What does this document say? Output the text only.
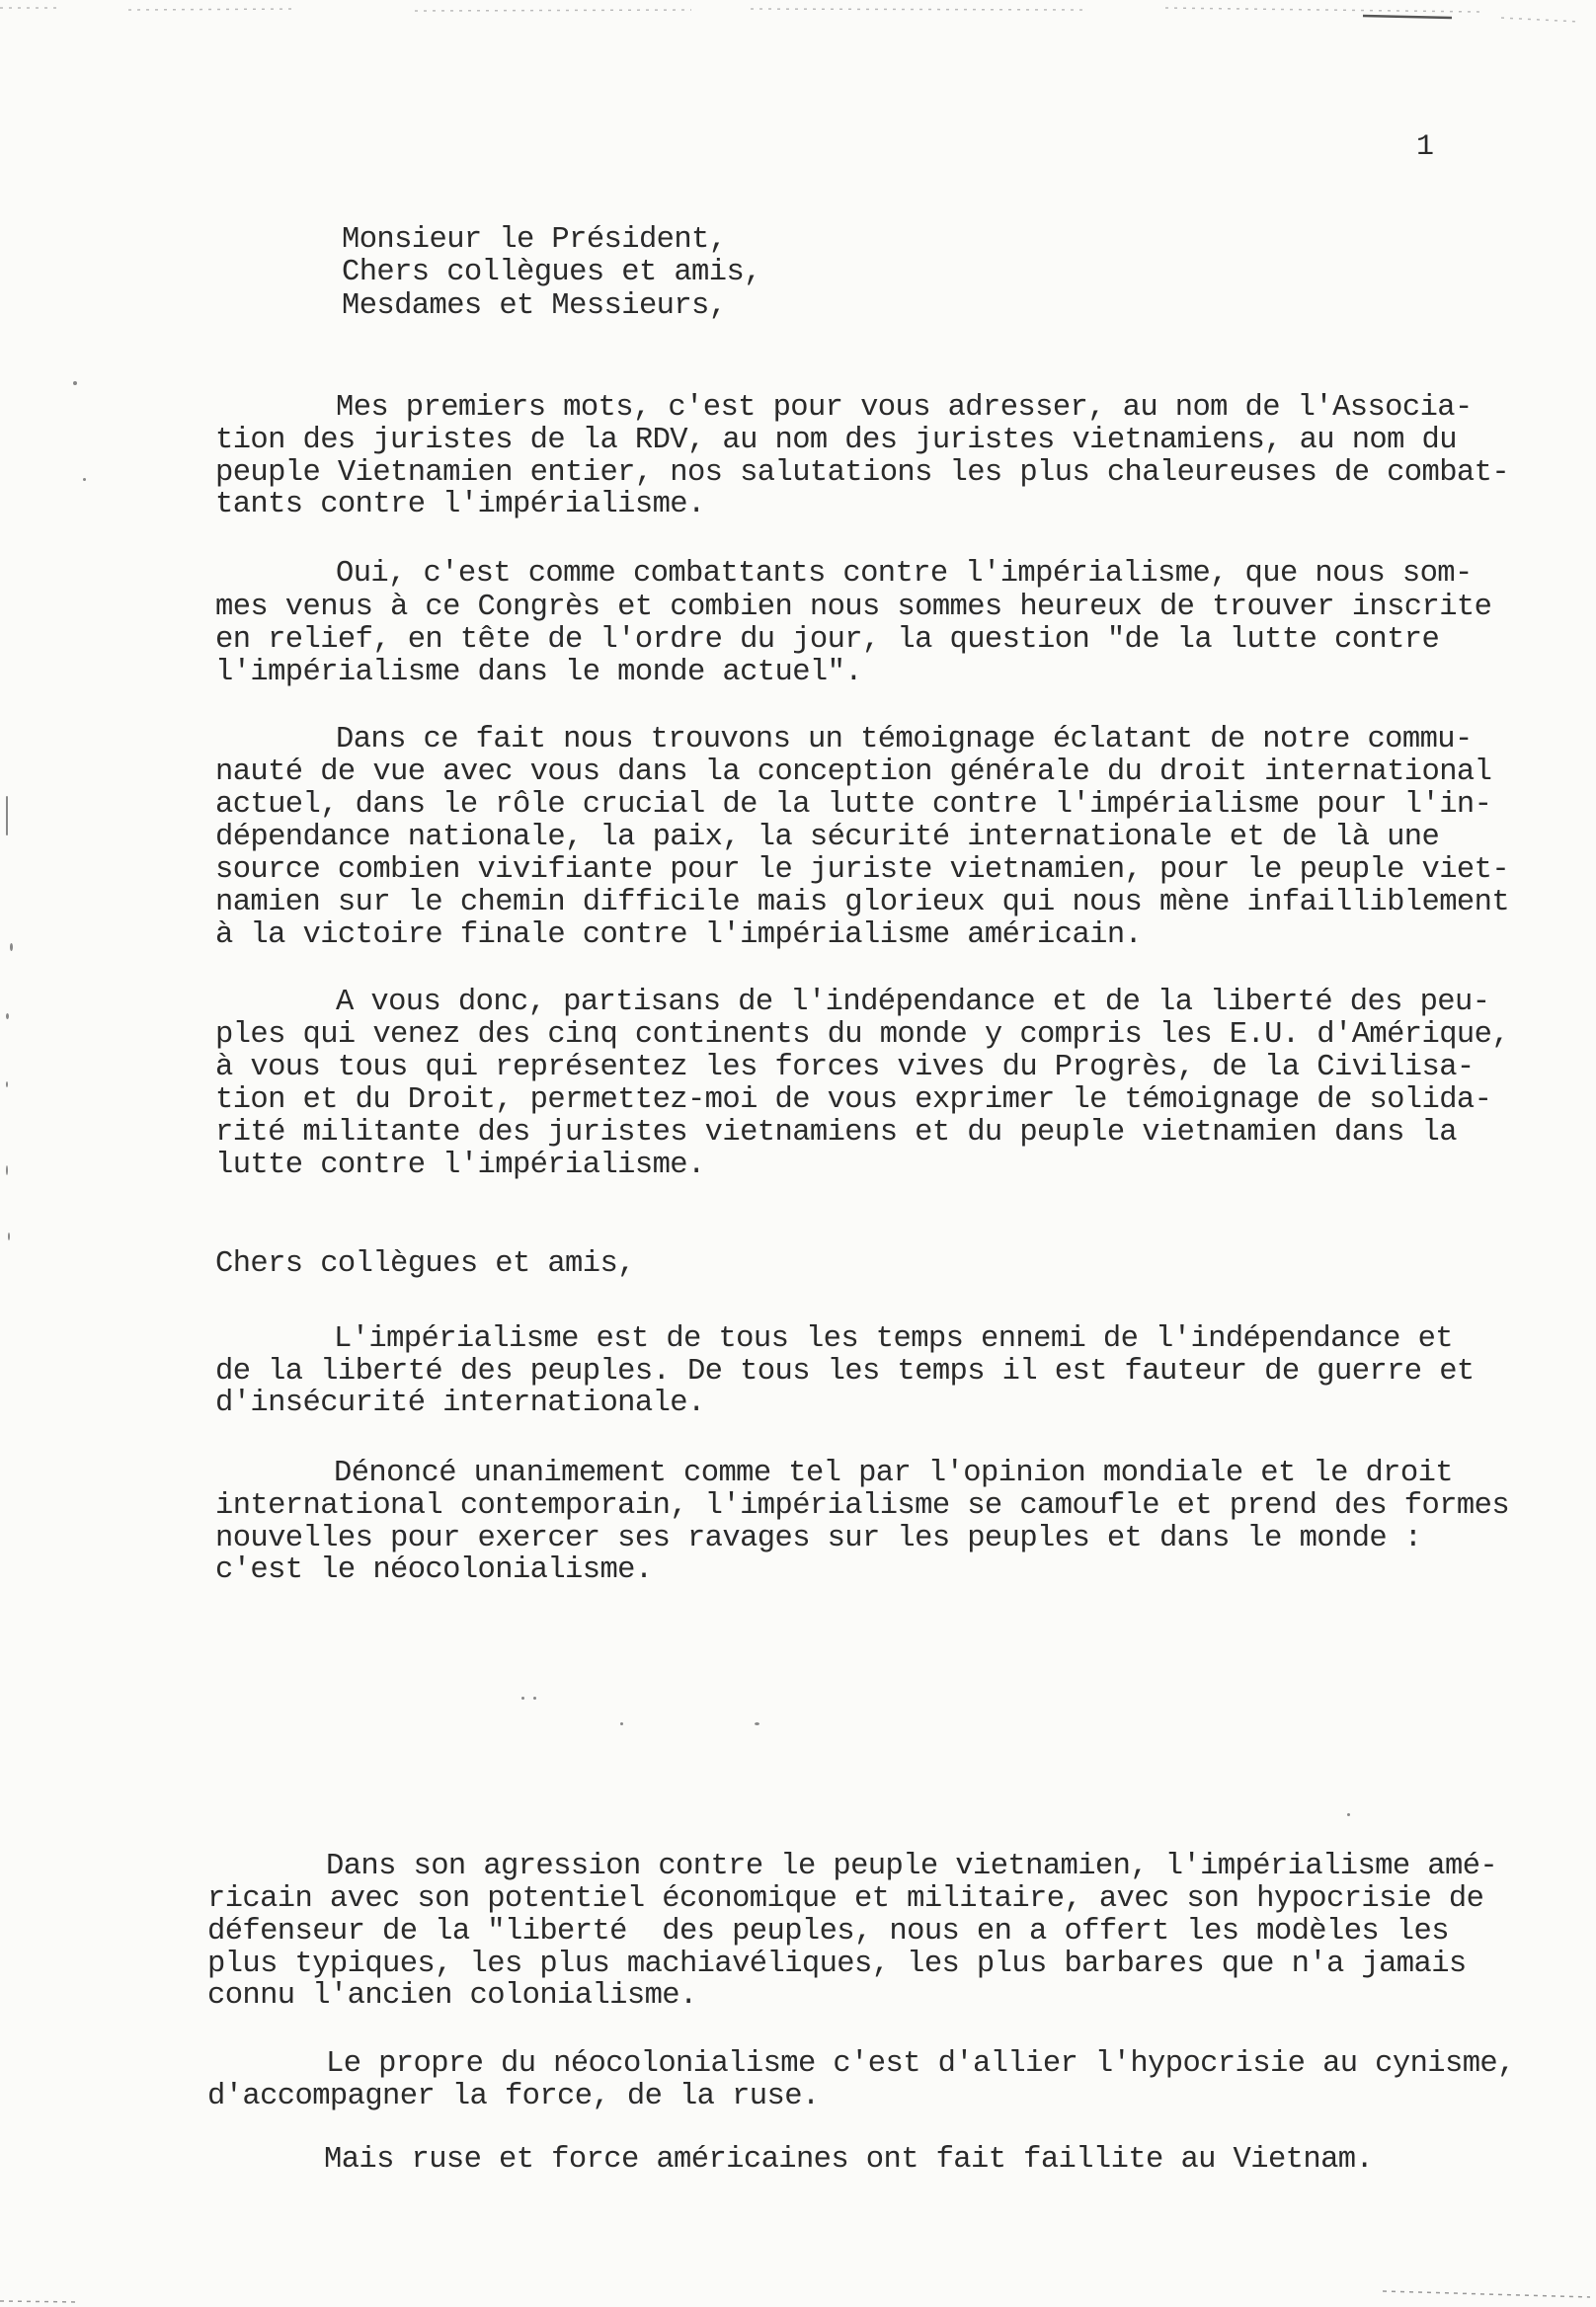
1
Monsieur le Président,
Chers collègues et amis,
Mesdames et Messieurs,
Mes premiers mots, c'est pour vous adresser, au nom de l'Associa-
tion des juristes de la RDV, au nom des juristes vietnamiens, au nom du
peuple Vietnamien entier, nos salutations les plus chaleureuses de combat-
tants contre l'impérialisme.
Oui, c'est comme combattants contre l'impérialisme, que nous som-
mes venus à ce Congrès et combien nous sommes heureux de trouver inscrite
en relief, en tête de l'ordre du jour, la question "de la lutte contre
l'impérialisme dans le monde actuel".
Dans ce fait nous trouvons un témoignage éclatant de notre commu-
nauté de vue avec vous dans la conception générale du droit international
actuel, dans le rôle crucial de la lutte contre l'impérialisme pour l'in-
dépendance nationale, la paix, la sécurité internationale et de là une
source combien vivifiante pour le juriste vietnamien, pour le peuple viet-
namien sur le chemin difficile mais glorieux qui nous mène infailliblement
à la victoire finale contre l'impérialisme américain.
A vous donc, partisans de l'indépendance et de la liberté des peu-
ples qui venez des cinq continents du monde y compris les E.U. d'Amérique,
à vous tous qui représentez les forces vives du Progrès, de la Civilisa-
tion et du Droit, permettez-moi de vous exprimer le témoignage de solida-
rité militante des juristes vietnamiens et du peuple vietnamien dans la
lutte contre l'impérialisme.
Chers collègues et amis,
L'impérialisme est de tous les temps ennemi de l'indépendance et
de la liberté des peuples. De tous les temps il est fauteur de guerre et
d'insécurité internationale.
Dénoncé unanimement comme tel par l'opinion mondiale et le droit
international contemporain, l'impérialisme se camoufle et prend des formes
nouvelles pour exercer ses ravages sur les peuples et dans le monde :
c'est le néocolonialisme.
Dans son agression contre le peuple vietnamien, l'impérialisme amé-
ricain avec son potentiel économique et militaire, avec son hypocrisie de
défenseur de la "liberté  des peuples, nous en a offert les modèles les
plus typiques, les plus machiavéliques, les plus barbares que n'a jamais
connu l'ancien colonialisme.
Le propre du néocolonialisme c'est d'allier l'hypocrisie au cynisme,
d'accompagner la force, de la ruse.
Mais ruse et force américaines ont fait faillite au Vietnam.
